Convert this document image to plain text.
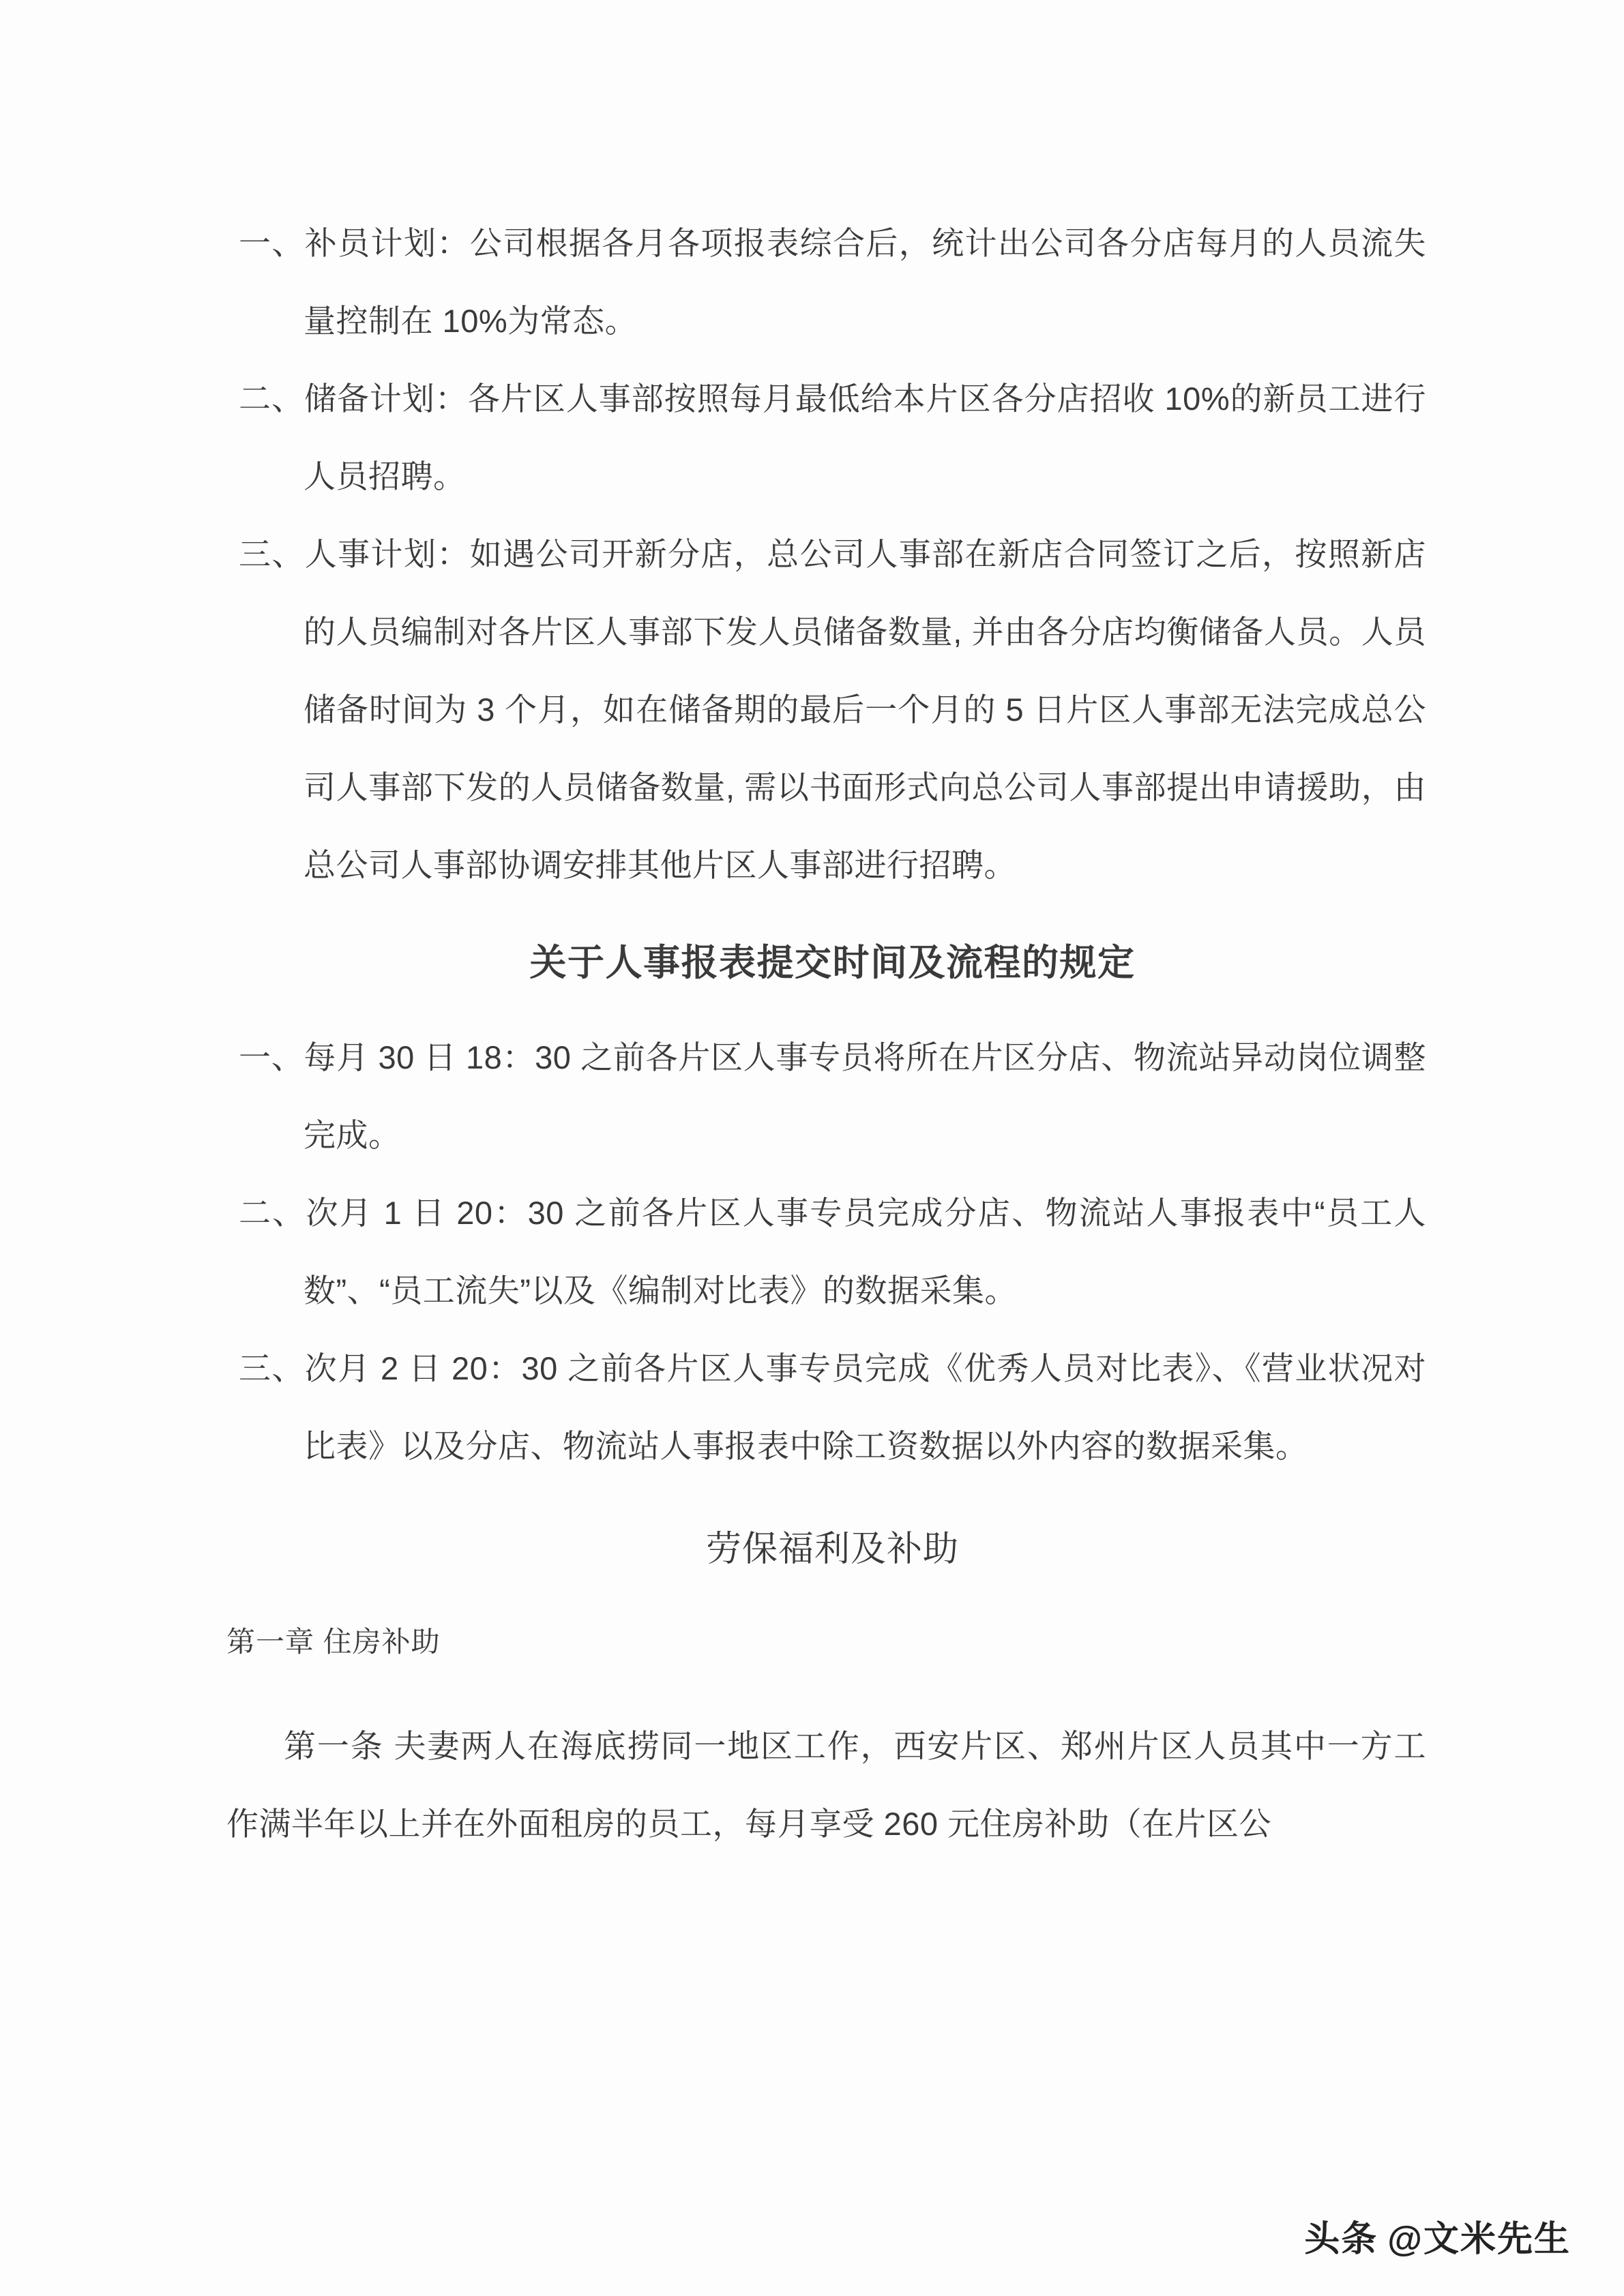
一、补员计划：公司根据各月各项报表综合后，统计出公司各分店每月的人员流失量控制在 10%为常态。

二、储备计划：各片区人事部按照每月最低给本片区各分店招收 10%的新员工进行人员招聘。

三、人事计划：如遇公司开新分店，总公司人事部在新店合同签订之后，按照新店的人员编制对各片区人事部下发人员储备数量, 并由各分店均衡储备人员。人员储备时间为 3 个月，如在储备期的最后一个月的 5 日片区人事部无法完成总公司人事部下发的人员储备数量, 需以书面形式向总公司人事部提出申请援助，由总公司人事部协调安排其他片区人事部进行招聘。

关于人事报表提交时间及流程的规定

一、每月 30 日 18：30 之前各片区人事专员将所在片区分店、物流站异动岗位调整完成。

二、次月 1 日 20：30 之前各片区人事专员完成分店、物流站人事报表中“员工人数”、“员工流失”以及《编制对比表》的数据采集。

三、次月 2 日 20：30 之前各片区人事专员完成《优秀人员对比表》、《营业状况对比表》以及分店、物流站人事报表中除工资数据以外内容的数据采集。

劳保福利及补助

第一章 住房补助

第一条 夫妻两人在海底捞同一地区工作，西安片区、郑州片区人员其中一方工作满半年以上并在外面租房的员工，每月享受 260 元住房补助（在片区公

头条 @文米先生
